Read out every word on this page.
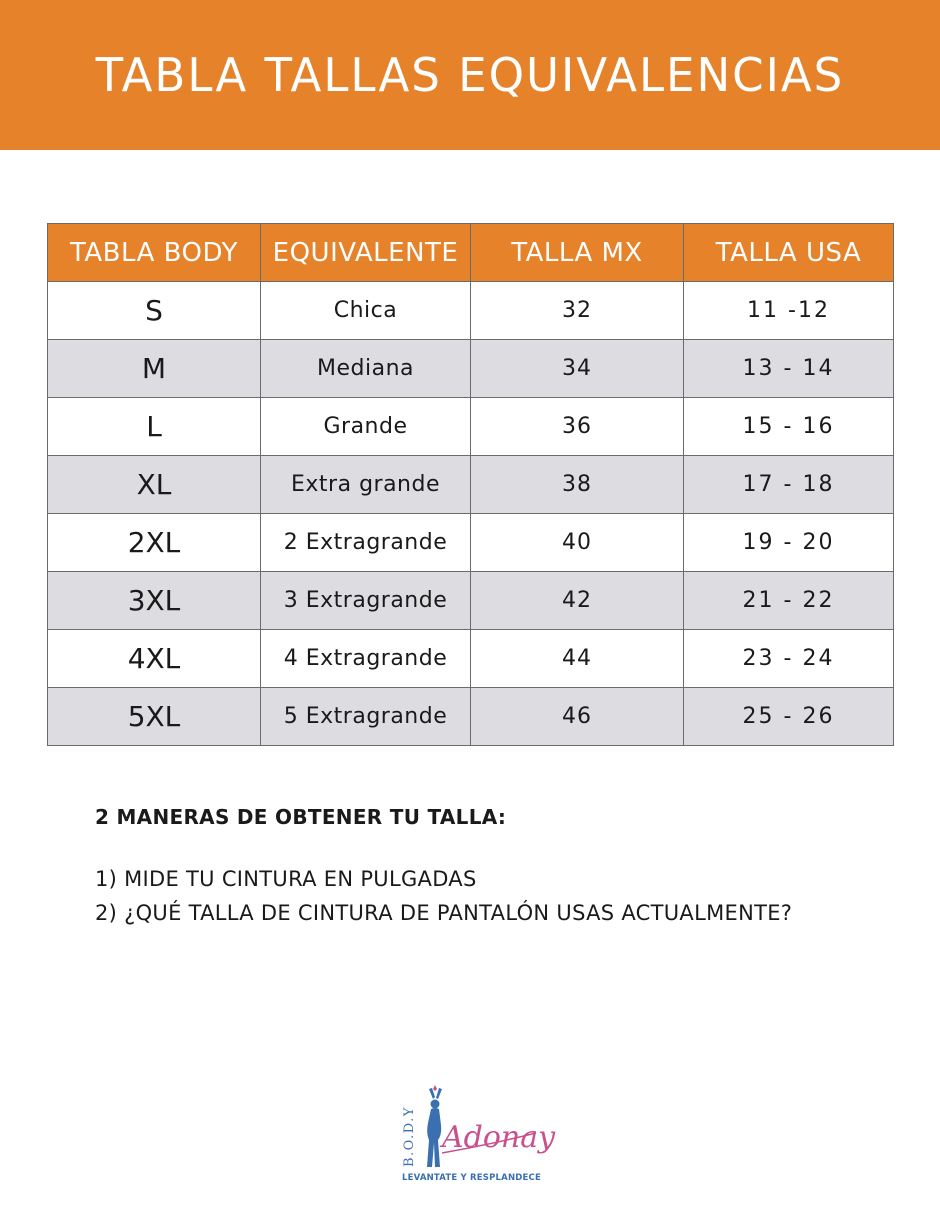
TABLA TALLAS EQUIVALENCIAS
TABLA BODY	EQUIVALENTE	TALLA MX	TALLA USA
S	Chica	32	11 -12
M	Mediana	34	13 - 14
L	Grande	36	15 - 16
XL	Extra grande	38	17 - 18
2XL	2 Extragrande	40	19 - 20
3XL	3 Extragrande	42	21 - 22
4XL	4 Extragrande	44	23 - 24
5XL	5 Extragrande	46	25 - 26

2 MANERAS DE OBTENER TU TALLA:

1) MIDE TU CINTURA EN PULGADAS

2) ¿QUÉ TALLA DE CINTURA DE PANTALÓN USAS ACTUALMENTE?

B.O.D.Y Adonay
LEVANTATE Y RESPLANDECE
